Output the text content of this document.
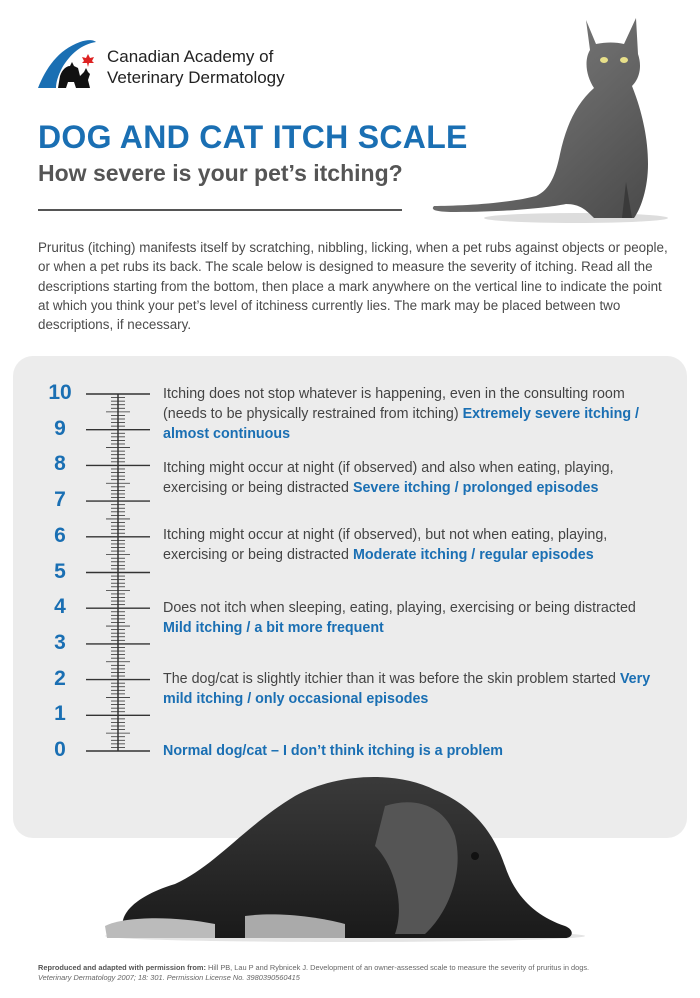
Canadian Academy of
Veterinary Dermatology
DOG AND CAT ITCH SCALE
How severe is your pet’s itching?

Pruritus (itching) manifests itself by scratching, nibbling, licking, when a pet rubs against objects or people, or when a pet rubs its back. The scale below is designed to measure the severity of itching. Read all the descriptions starting from the bottom, then place a mark anywhere on the vertical line to indicate the point at which you think your pet’s level of itchiness currently lies. The mark may be placed between two descriptions, if necessary.

10
9
8
7
6
5
4
3
2
1
0
Itching does not stop whatever is happening, even in the consulting room (needs to be physically restrained from itching) Extremely severe itching / almost continuous
Itching might occur at night (if observed) and also when eating, playing, exercising or being distracted Severe itching / prolonged episodes
Itching might occur at night (if observed), but not when eating, playing, exercising or being distracted Moderate itching / regular episodes
Does not itch when sleeping, eating, playing, exercising or being distracted Mild itching / a bit more frequent
The dog/cat is slightly itchier than it was before the skin problem started Very mild itching / only occasional episodes
Normal dog/cat – I don’t think itching is a problem
Reproduced and adapted with permission from: Hill PB, Lau P and Rybnicek J. Development of an owner-assessed scale to measure the severity of pruritus in dogs.
Veterinary Dermatology 2007; 18: 301. Permission License No. 3980390560415
